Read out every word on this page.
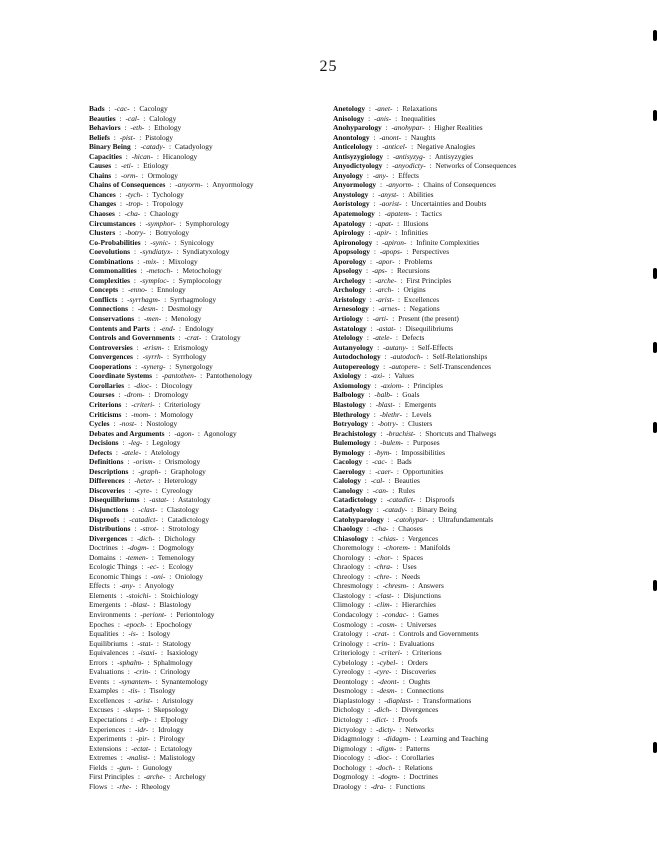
25
Bads : -cac- : Cacology
Beauties : -cal- : Calology
Behaviors : -eth- : Ethology
Beliefs : -pist- : Pistology
Binary Being : -catady- : Catadyology
Capacities : -hican- : Hicanology
Causes : -eti- : Etiology
Chains : -orm- : Ormology
Chains of Consequences : -anyorm- : Anyormology
Chances : -tych- : Tychology
Changes : -trop- : Tropology
Chaoses : -cha- : Chaology
Circumstances : -symphor- : Symphorology
Clusters : -botry- : Botryology
Co-Probabilities : -synic- : Synicology
Coevolutions : -syndiatyx- : Syndiatyxology
Combinations : -mix- : Mixology
Commonalities : -metoch- : Metochology
Complexities : -symploc- : Symplocology
Concepts : -enno- : Ennology
Conflicts : -syrrhagm- : Syrrhagmology
Connections : -desm- : Desmology
Conservations : -men- : Menology
Contents and Parts : -end- : Endology
Controls and Governments : -crat- : Cratology
Controversies : -erism- : Erismology
Convergences : -syrrh- : Syrrhology
Cooperations : -synerg- : Synergology
Coordinate Systems : -pantothen- : Pantothenology
Corollaries : -dioc- : Diocology
Courses : -drom- : Dromology
Criterions : -criteri- : Criteriology
Criticisms : -mom- : Momology
Cycles : -nost- : Nostology
Debates and Arguments : -agon- : Agonology
Decisions : -leg- : Legology
Defects : -atele- : Atelology
Definitions : -orism- : Orismology
Descriptions : -graph- : Graphology
Differences : -heter- : Heterology
Discoveries : -cyre- : Cyreology
Disequilibriums : -astat- : Astatology
Disjunctions : -clast- : Clastology
Disproofs : -catadict- : Catadictology
Distributions : -strot- : Strotology
Divergences : -dich- : Dichology
Doctrines : -dogm- : Dogmology
Domains : -temen- : Temenology
Ecologic Things : -ec- : Ecology
Economic Things : -oni- : Oniology
Effects : -any- : Anyology
Elements : -stoichi- : Stoichiology
Emergents : -blast- : Blastology
Environments : -periont- : Periontology
Epoches : -epoch- : Epochology
Equalities : -is- : Isology
Equilibriums : -stat- : Statology
Equivalences : -isaxi- : Isaxiology
Errors : -sphalm- : Sphalmology
Evaluations : -crin- : Crinology
Events : -synantem- : Synantemology
Examples : -tis- : Tisology
Excellences : -arist- : Aristology
Excuses : -skeps- : Skepsology
Expectations : -elp- : Elpology
Experiences : -idr- : Idrology
Experiments : -pir- : Pirology
Extensions : -ectat- : Ectatology
Extremes : -malist- : Malistology
Fields : -gun- : Gunology
First Principles : -arche- : Archelogy
Flows : -rhe- : Rheology
Anetology : -anet- : Relaxations
Anisology : -anis- : Inequalities
Anohyparology : -anohypar- : Higher Realities
Anontology : -anont- : Naughts
Anticelology : -anticel- : Negative Analogies
Antisyzygiology : -antisyzyg- : Antisyzygies
Anyodictyology : -anyodicty- : Networks of Consequences
Anyology : -any- : Effects
Anyormology : -anyorm- : Chains of Consequences
Anystology : -anyst- : Abilities
Aoristology : -aorist- : Uncertainties and Doubts
Apatemology : -apatem- : Tactics
Apatology : -apat- : Illusions
Apirology : -apir- : Infinities
Apironology : -apiron- : Infinite Complexities
Apopsology : -apops- : Perspectives
Aporology : -apor- : Problems
Apsology : -aps- : Recursions
Archelogy : -arche- : First Principles
Archology : -arch- : Origins
Aristology : -arist- : Excellences
Arnesology : -arnes- : Negations
Artiology : -arti- : Present (the present)
Astatology : -astat- : Disequilibriums
Atelology : -atele- : Defects
Autanyology : -autany- : Self-Effects
Autodochology : -autodoch- : Self-Relationships
Autopereology : -autopere- : Self-Transcendences
Axiology : -axi- : Values
Axiomology : -axiom- : Principles
Balbology : -balb- : Goals
Blastology : -blast- : Emergents
Blethrology : -blethr- : Levels
Botryology : -botry- : Clusters
Brachistology : -brachist- : Shortcuts and Thalwegs
Bulemology : -bulem- : Purposes
Bymology : -bym- : Impossibilities
Cacology : -cac- : Bads
Caerology : -caer- : Opportunities
Calology : -cal- : Beauties
Canology : -can- : Rules
Catadictology : -catadict- : Disproofs
Catadyology : -catady- : Binary Being
Catohyparology : -catohypar- : Ultrafundamentals
Chaology : -cha- : Chaoses
Chiasology : -chias- : Vergences
Choremology : -chorem- : Manifolds
Chorology : -chor- : Spaces
Chraology : -chra- : Uses
Chreology : -chre- : Needs
Chresmology : -chresm- : Answers
Clastology : -clast- : Disjunctions
Climology : -clim- : Hierarchies
Condacology : -condac- : Games
Cosmology : -cosm- : Universes
Cratology : -crat- : Controls and Governments
Crinology : -crin- : Evaluations
Criteriology : -criteri- : Criterions
Cybelology : -cybel- : Orders
Cyreology : -cyre- : Discoveries
Deontology : -deont- : Oughts
Desmology : -desm- : Connections
Diaplastology : -diaplast- : Transformations
Dichology : -dich- : Divergences
Dictology : -dict- : Proofs
Dictyology : -dicty- : Networks
Didagmology : -didagm- : Learning and Teaching
Digmology : -digm- : Patterns
Diocology : -dioc- : Corollaries
Dochology : -doch- : Relations
Dogmology : -dogm- : Doctrines
Draology : -dra- : Functions
